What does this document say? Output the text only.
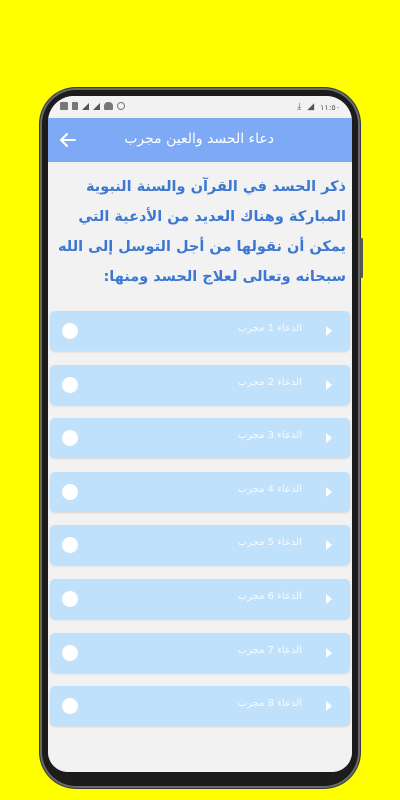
⤓ ◢ ١١:٥٠
دعاء الحسد والعين مجرب
ذكر الحسد في القرآن والسنة النبوية المباركة وهناك العديد من الأدعية التي يمكن أن نقولها من أجل التوسل إلى الله سبحانه وتعالى لعلاج الحسد ومنها:
الدعاء 1 مجرب
الدعاء 2 مجرب
الدعاء 3 مجرب
الدعاء 4 مجرب
الدعاء 5 مجرب
الدعاء 6 مجرب
الدعاء 7 مجرب
الدعاء 8 مجرب
